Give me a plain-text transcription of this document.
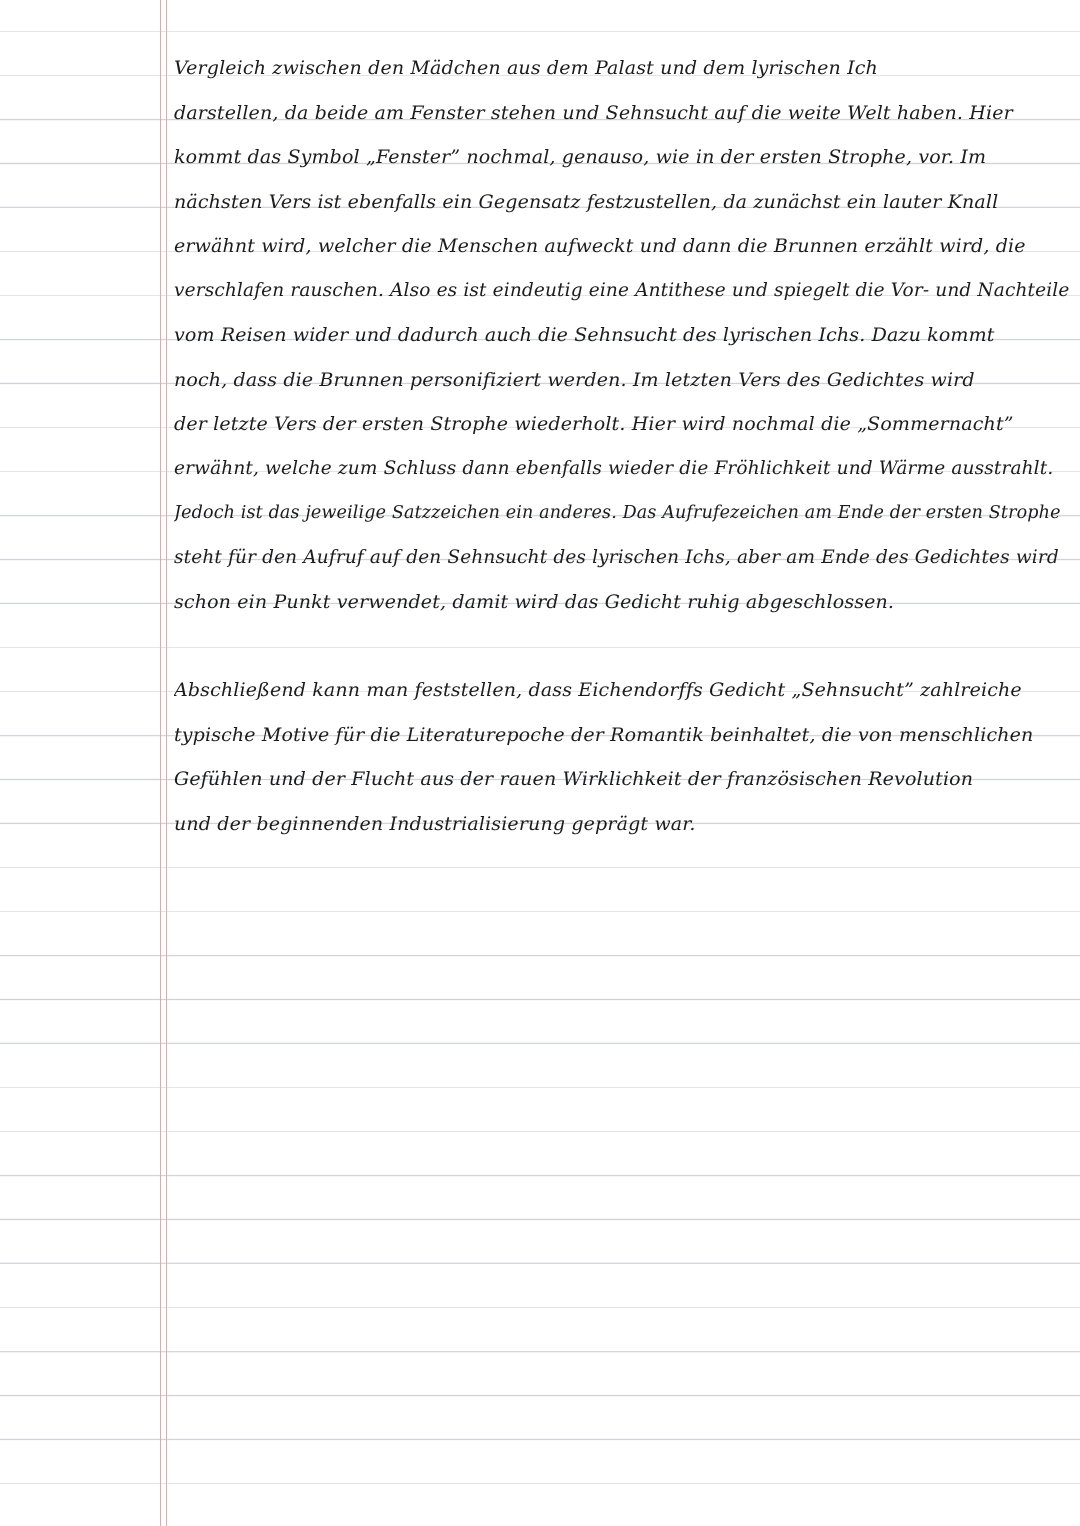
Vergleich zwischen den Mädchen aus dem Palast und dem lyrischen Ich
darstellen, da beide am Fenster stehen und Sehnsucht auf die weite Welt haben. Hier
kommt das Symbol „Fenster” nochmal, genauso, wie in der ersten Strophe, vor. Im
nächsten Vers ist ebenfalls ein Gegensatz festzustellen, da zunächst ein lauter Knall
erwähnt wird, welcher die Menschen aufweckt und dann die Brunnen erzählt wird, die
verschlafen rauschen. Also es ist eindeutig eine Antithese und spiegelt die Vor- und Nachteile
vom Reisen wider und dadurch auch die Sehnsucht des lyrischen Ichs. Dazu kommt
noch, dass die Brunnen personifiziert werden. Im letzten Vers des Gedichtes wird
der letzte Vers der ersten Strophe wiederholt. Hier wird nochmal die „Sommernacht”
erwähnt, welche zum Schluss dann ebenfalls wieder die Fröhlichkeit und Wärme ausstrahlt.
Jedoch ist das jeweilige Satzzeichen ein anderes. Das Aufrufezeichen am Ende der ersten Strophe
steht für den Aufruf auf den Sehnsucht des lyrischen Ichs, aber am Ende des Gedichtes wird
schon ein Punkt verwendet, damit wird das Gedicht ruhig abgeschlossen.
Abschließend kann man feststellen, dass Eichendorffs Gedicht „Sehnsucht” zahlreiche
typische Motive für die Literaturepoche der Romantik beinhaltet, die von menschlichen
Gefühlen und der Flucht aus der rauen Wirklichkeit der französischen Revolution
und der beginnenden Industrialisierung geprägt war.
